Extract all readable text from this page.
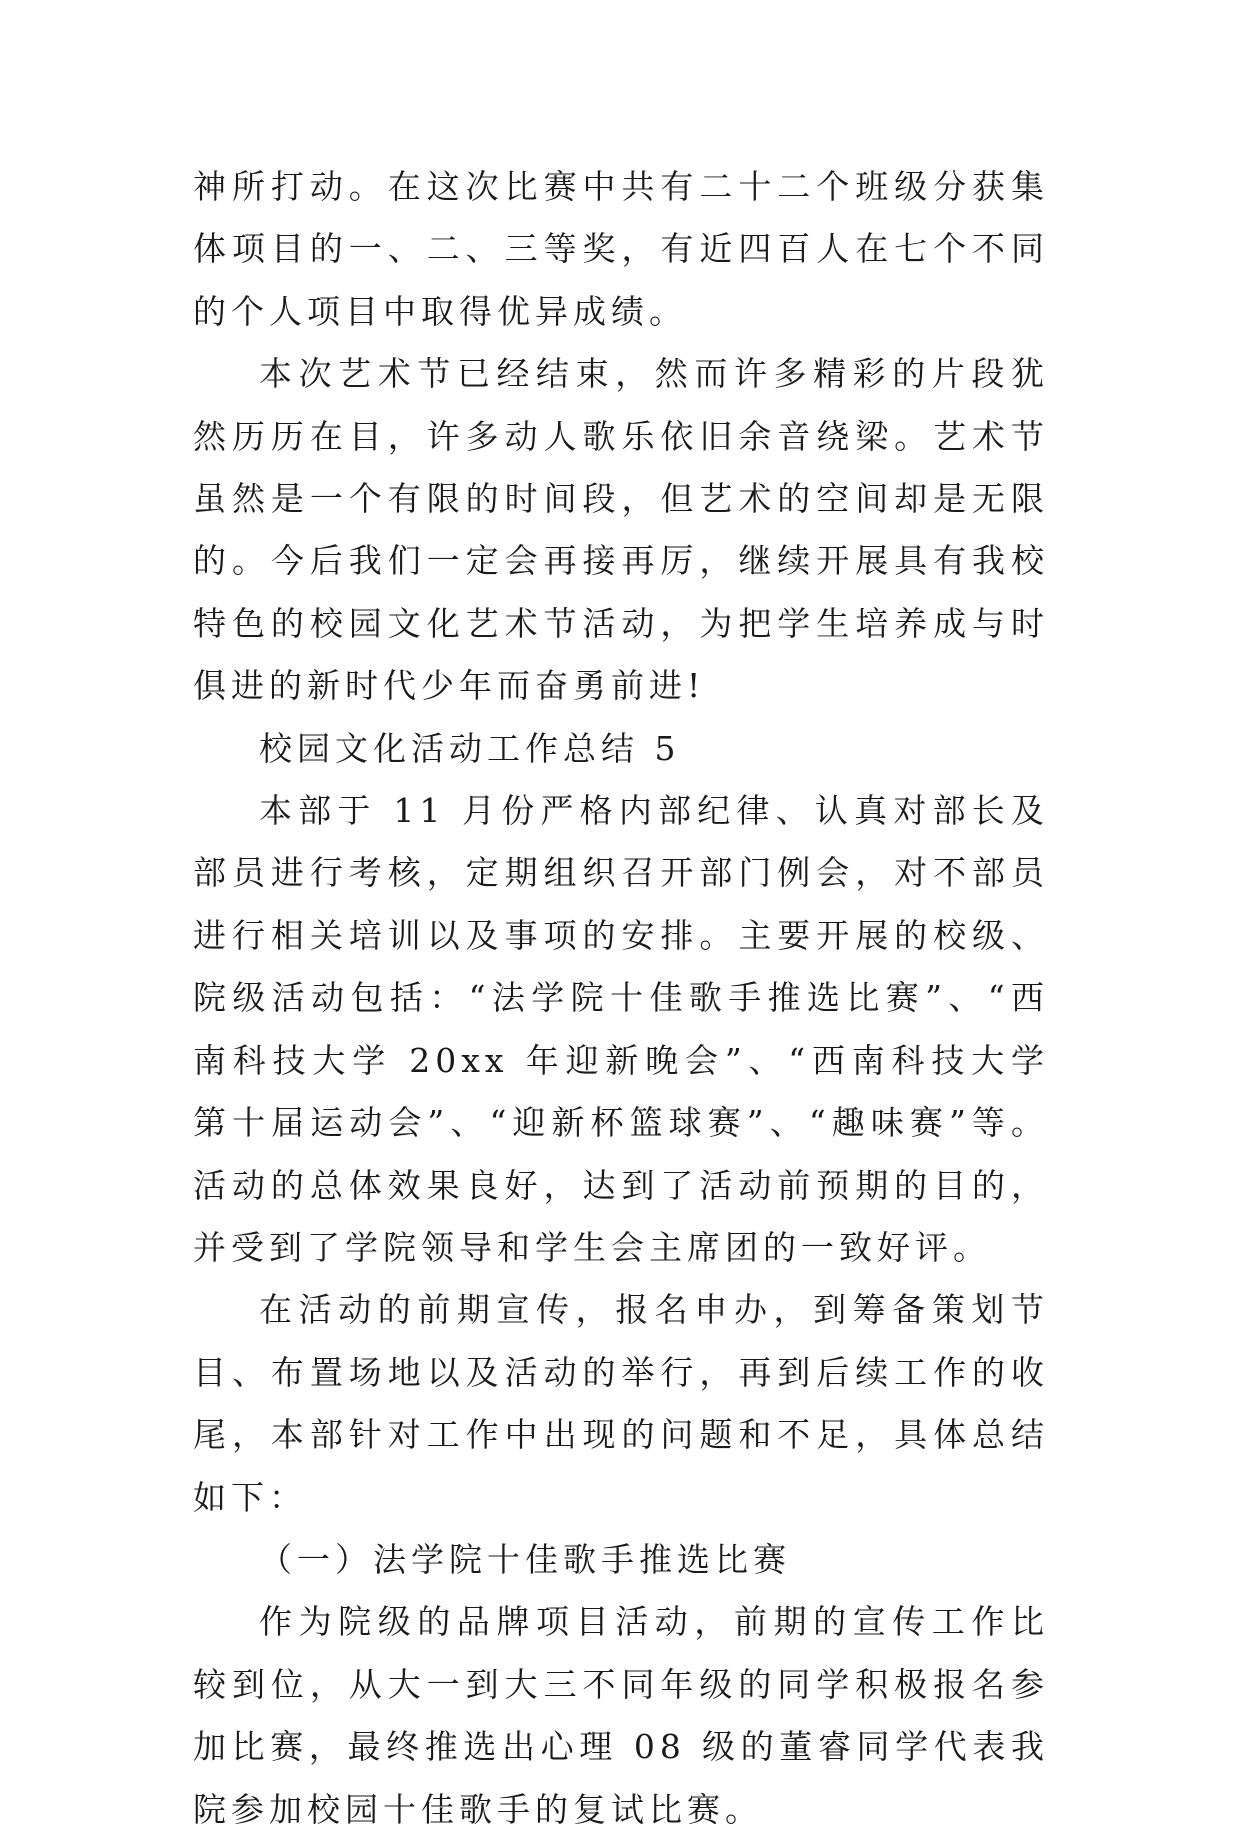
神所打动。在这次比赛中共有二十二个班级分获集体项目的一、二、三等奖，有近四百人在七个不同的个人项目中取得优异成绩。

本次艺术节已经结束，然而许多精彩的片段犹然历历在目，许多动人歌乐依旧余音绕梁。艺术节虽然是一个有限的时间段，但艺术的空间却是无限的。今后我们一定会再接再厉，继续开展具有我校特色的校园文化艺术节活动，为把学生培养成与时俱进的新时代少年而奋勇前进!

校园文化活动工作总结 5

本部于 11 月份严格内部纪律、认真对部长及部员进行考核，定期组织召开部门例会，对不部员进行相关培训以及事项的安排。主要开展的校级、院级活动包括：“法学院十佳歌手推选比赛”、“西南科技大学 20xx 年迎新晚会”、“西南科技大学第十届运动会”、“迎新杯篮球赛”、“趣味赛”等。活动的总体效果良好，达到了活动前预期的目的，并受到了学院领导和学生会主席团的一致好评。

在活动的前期宣传，报名申办，到筹备策划节目、布置场地以及活动的举行，再到后续工作的收尾，本部针对工作中出现的问题和不足，具体总结如下：

（一）法学院十佳歌手推选比赛

作为院级的品牌项目活动，前期的宣传工作比较到位，从大一到大三不同年级的同学积极报名参加比赛，最终推选出心理 08 级的董睿同学代表我院参加校园十佳歌手的复试比赛。
